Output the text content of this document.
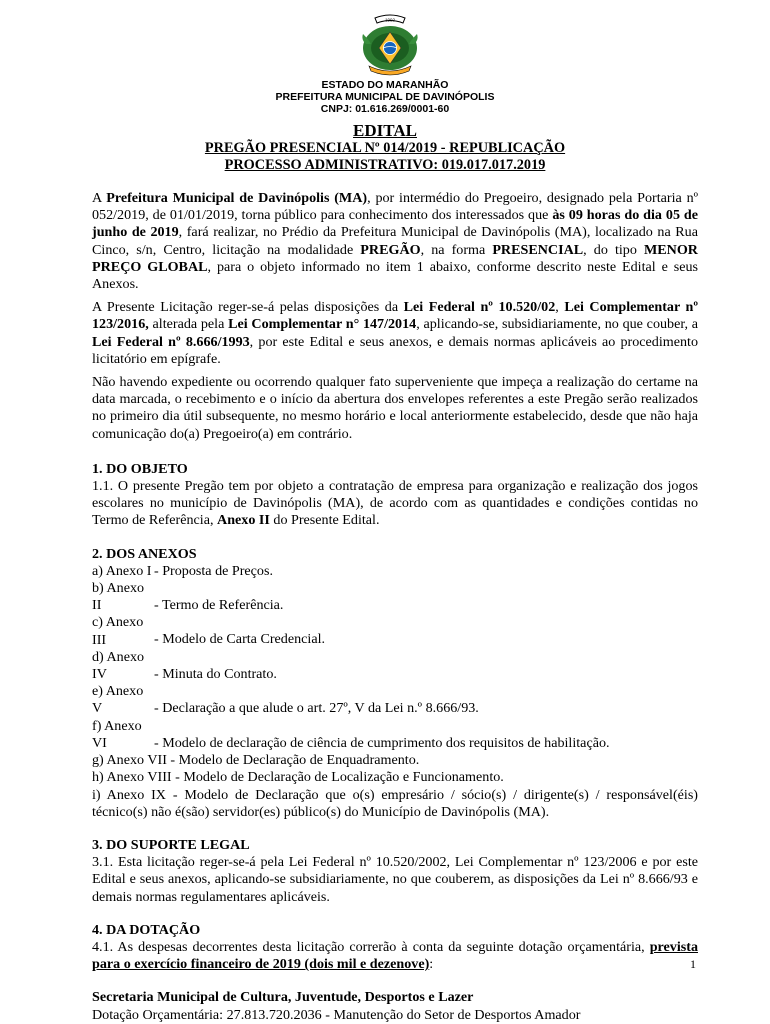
1992
ESTADO DO MARANHÃO
PREFEITURA MUNICIPAL DE DAVINÓPOLIS
CNPJ: 01.616.269/0001-60
EDITAL
PREGÃO PRESENCIAL Nº 014/2019 - REPUBLICAÇÃO
PROCESSO ADMINISTRATIVO: 019.017.017.2019

A Prefeitura Municipal de Davinópolis (MA), por intermédio do Pregoeiro, designado pela Portaria nº 052/2019, de 01/01/2019, torna público para conhecimento dos interessados que às 09 horas do dia 05 de junho de 2019, fará realizar, no Prédio da Prefeitura Municipal de Davinópolis (MA), localizado na Rua Cinco, s/n, Centro, licitação na modalidade PREGÃO, na forma PRESENCIAL, do tipo MENOR PREÇO GLOBAL, para o objeto informado no item 1 abaixo, conforme descrito neste Edital e seus Anexos.

A Presente Licitação reger-se-á pelas disposições da Lei Federal nº 10.520/02, Lei Complementar nº 123/2016, alterada pela Lei Complementar n° 147/2014, aplicando-se, subsidiariamente, no que couber, a Lei Federal nº 8.666/1993, por este Edital e seus anexos, e demais normas aplicáveis ao procedimento licitatório em epígrafe.

Não havendo expediente ou ocorrendo qualquer fato superveniente que impeça a realização do certame na data marcada, o recebimento e o início da abertura dos envelopes referentes a este Pregão serão realizados no primeiro dia útil subsequente, no mesmo horário e local anteriormente estabelecido, desde que não haja comunicação do(a) Pregoeiro(a) em contrário.

1. DO OBJETO

1.1. O presente Pregão tem por objeto a contratação de empresa para organização e realização dos jogos escolares no município de Davinópolis (MA), de acordo com as quantidades e condições contidas no Termo de Referência, Anexo II do Presente Edital.

2. DOS ANEXOS

a) Anexo I - Proposta de Preços.

b) Anexo II	- Termo de Referência.

c) Anexo III	- Modelo de Carta Credencial.

d) Anexo IV	- Minuta do Contrato.

e) Anexo V	- Declaração a que alude o art. 27º, V da Lei n.º 8.666/93.

f) Anexo VI	- Modelo de declaração de ciência de cumprimento dos requisitos de habilitação.

g) Anexo VII - Modelo de Declaração de Enquadramento.

h) Anexo VIII - Modelo de Declaração de Localização e Funcionamento.

i) Anexo IX - Modelo de Declaração que o(s) empresário / sócio(s) / dirigente(s) / responsável(éis) técnico(s) não é(são) servidor(es) público(s) do Município de Davinópolis (MA).

3. DO SUPORTE LEGAL

3.1. Esta licitação reger-se-á pela Lei Federal nº 10.520/2002, Lei Complementar nº 123/2006 e por este Edital e seus anexos, aplicando-se subsidiariamente, no que couberem, as disposições da Lei nº 8.666/93 e demais normas regulamentares aplicáveis.

4. DA DOTAÇÃO

4.1. As despesas decorrentes desta licitação correrão à conta da seguinte dotação orçamentária, prevista para o exercício financeiro de 2019 (dois mil e dezenove):

Secretaria Municipal de Cultura, Juventude, Desportos e Lazer

Dotação Orçamentária: 27.813.720.2036 - Manutenção do Setor de Desportos Amador

1
